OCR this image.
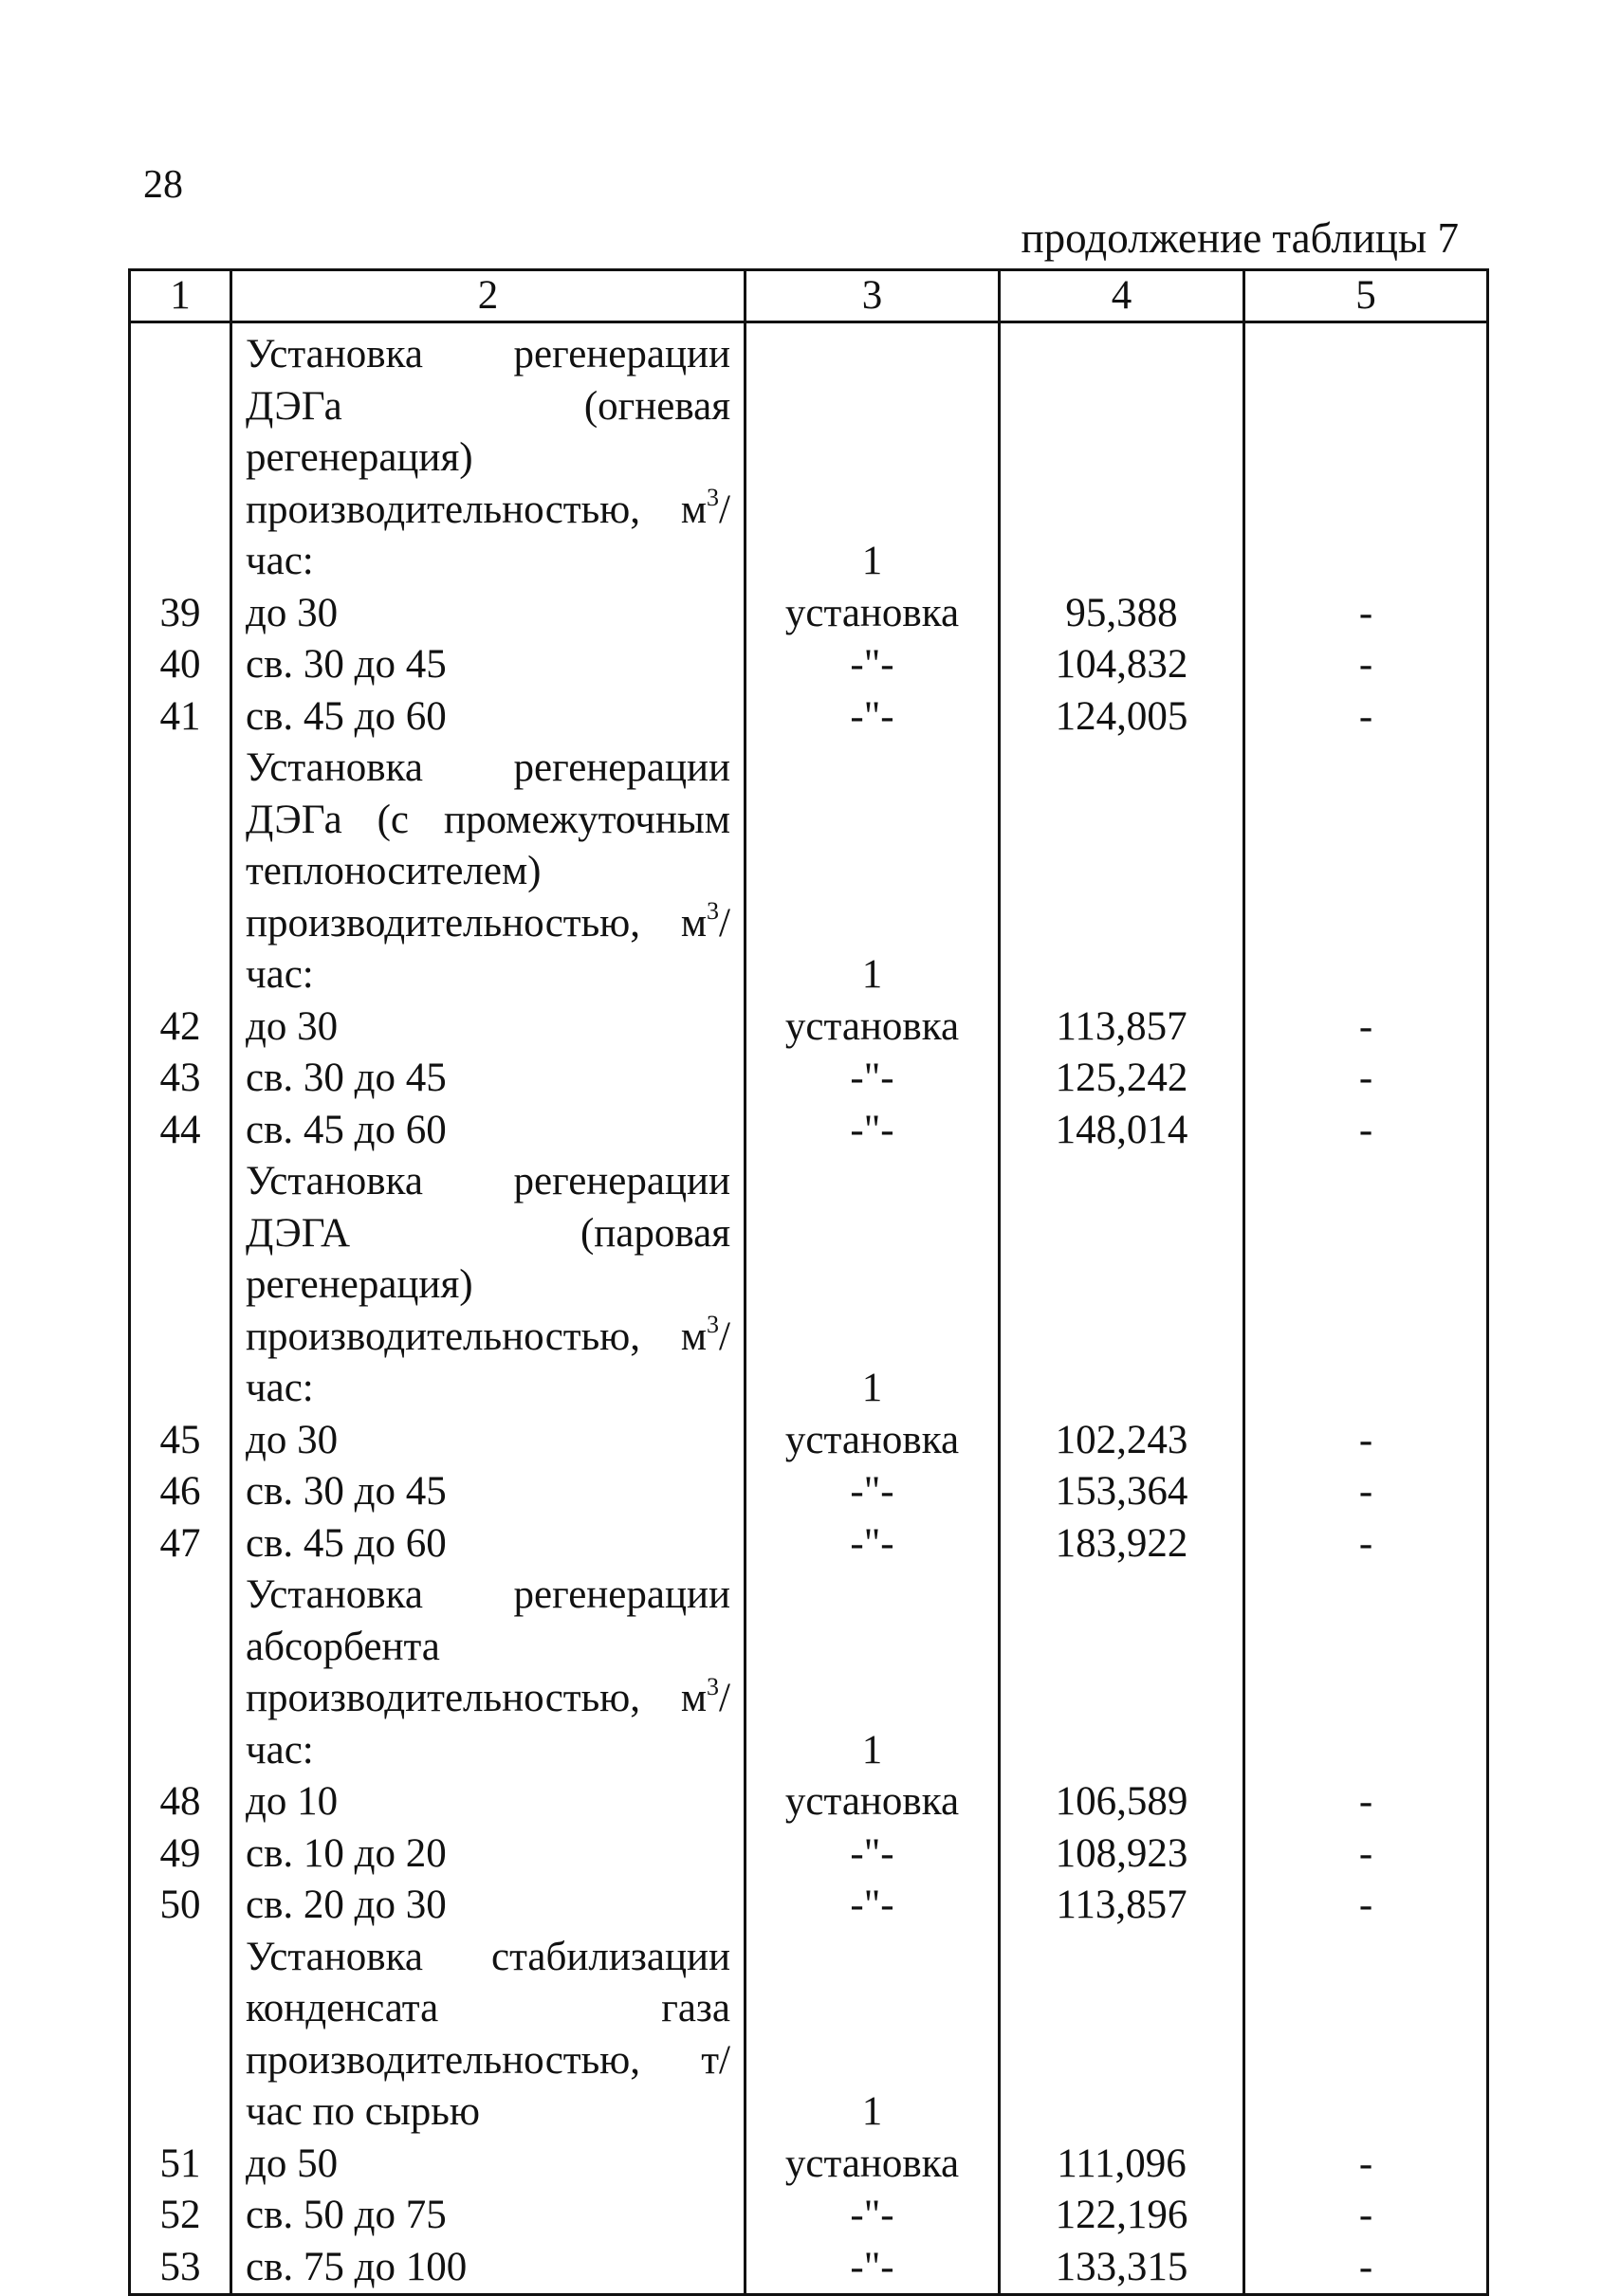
28
продолжение таблицы 7
1	2	3	4	5

	Установка регенерации ДЭГа (огневая регенерация) производительностью, $м^3$/час:	1		
39	до 30	установка	95,388	-
40	св. 30 до 45	-"-	104,832	-
41	св. 45 до 60	-"-	124,005	-

	Установка регенерации ДЭГа (с промежуточным теплоносителем) производительностью, $м^3$/час:	1		
42	до 30	установка	113,857	-
43	св. 30 до 45	-"-	125,242	-
44	св. 45 до 60	-"-	148,014	-

	Установка регенерации ДЭГА (паровая регенерация) производительностью, $м^3$/час:	1		
45	до 30	установка	102,243	-
46	св. 30 до 45	-"-	153,364	-
47	св. 45 до 60	-"-	183,922	-

	Установка регенерации абсорбента производительностью, $м^3$/час:	1		
48	до 10	установка	106,589	-
49	св. 10 до 20	-"-	108,923	-
50	св. 20 до 30	-"-	113,857	-

	Установка стабилизации конденсата газа производительностью, т/час по сырью	1		
51	до 50	установка	111,096	-
52	св. 50 до 75	-"-	122,196	-
53	св. 75 до 100	-"-	133,315	-
